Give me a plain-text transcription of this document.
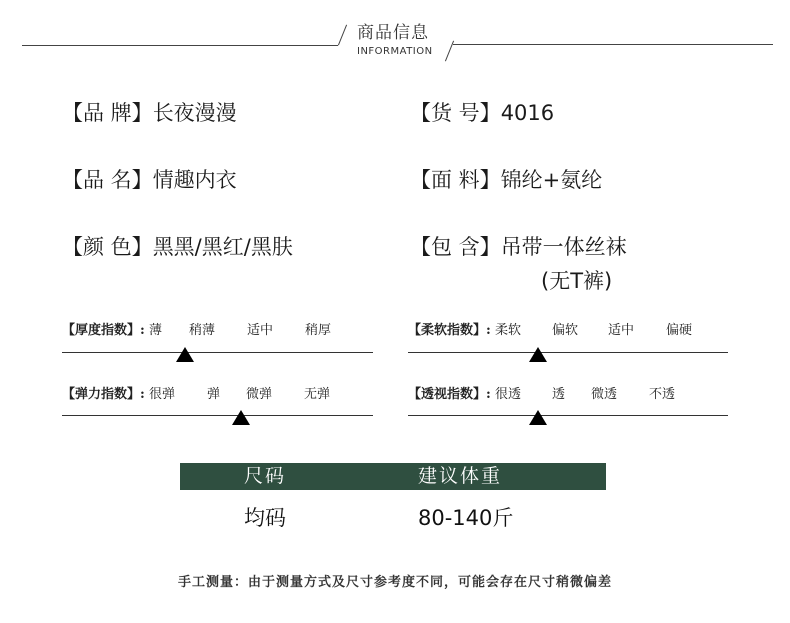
商品信息
INFORMATION
【品 牌】长夜漫漫	【货 号】4016
【品 名】情趣内衣	【面 料】锦纶+氨纶
【颜 色】黑黑/黑红/黑肤	【包 含】吊带一体丝袜
(无T裤)
【厚度指数】: 薄 稍薄 适中 稍厚	【柔软指数】: 柔软 偏软 适中 偏硬
【弹力指数】: 很弹 弹 微弹 无弹	【透视指数】: 很透 透 微透 不透
尺码	建议体重
均码	80-140斤
手工测量：由于测量方式及尺寸参考度不同，可能会存在尺寸稍微偏差
